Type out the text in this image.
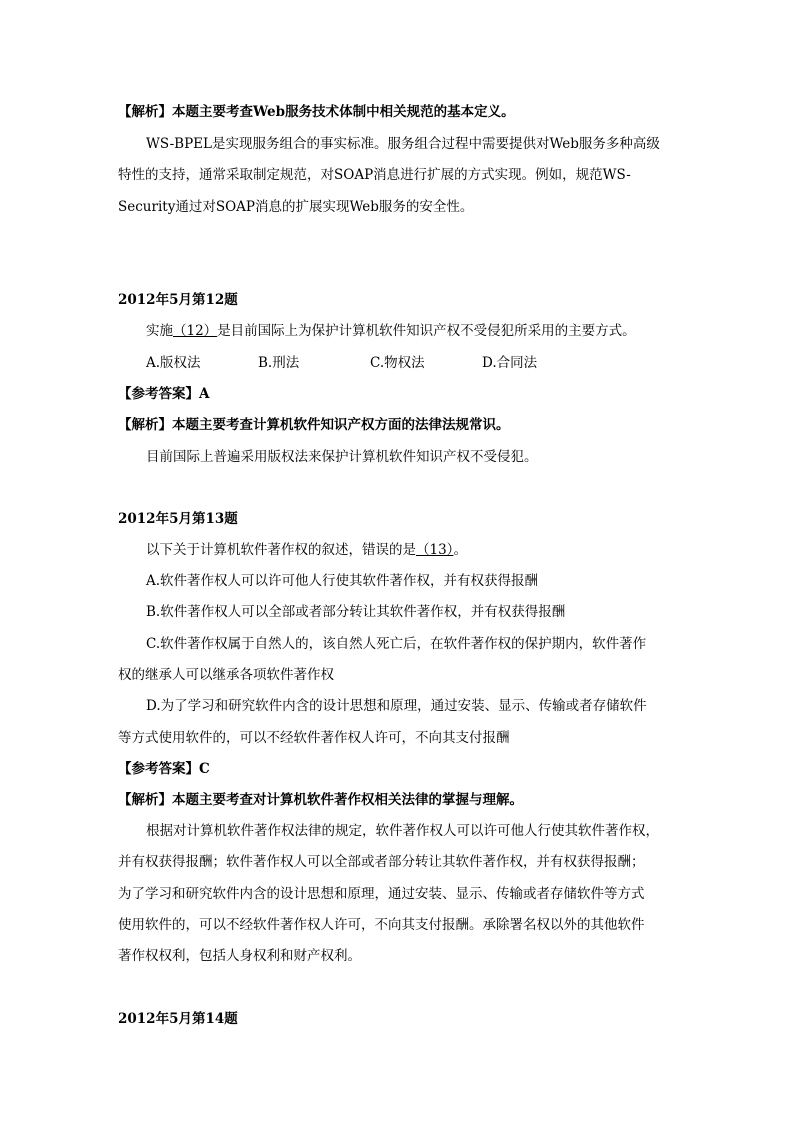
【解析】本题主要考查Web服务技术体制中相关规范的基本定义。
WS-BPEL是实现服务组合的事实标准。服务组合过程中需要提供对Web服务多种高级
特性的支持，通常采取制定规范，对SOAP消息进行扩展的方式实现。例如，规范WS-
Security通过对SOAP消息的扩展实现Web服务的安全性。
2012年5月第12题
实施（12）是目前国际上为保护计算机软件知识产权不受侵犯所采用的主要方式。
A.版权法	B.刑法	C.物权法	D.合同法
【参考答案】A
【解析】本题主要考查计算机软件知识产权方面的法律法规常识。
目前国际上普遍采用版权法来保护计算机软件知识产权不受侵犯。
2012年5月第13题
以下关于计算机软件著作权的叙述，错误的是（13）。
A.软件著作权人可以许可他人行使其软件著作权，并有权获得报酬
B.软件著作权人可以全部或者部分转让其软件著作权，并有权获得报酬
C.软件著作权属于自然人的，该自然人死亡后，在软件著作权的保护期内，软件著作
权的继承人可以继承各项软件著作权
D.为了学习和研究软件内含的设计思想和原理，通过安装、显示、传输或者存储软件
等方式使用软件的，可以不经软件著作权人许可，不向其支付报酬
【参考答案】C
【解析】本题主要考查对计算机软件著作权相关法律的掌握与理解。
根据对计算机软件著作权法律的规定，软件著作权人可以许可他人行使其软件著作权，
并有权获得报酬；软件著作权人可以全部或者部分转让其软件著作权，并有权获得报酬；
为了学习和研究软件内含的设计思想和原理，通过安装、显示、传输或者存储软件等方式
使用软件的，可以不经软件著作权人许可，不向其支付报酬。承除署名权以外的其他软件
著作权权利，包括人身权利和财产权利。
2012年5月第14题
